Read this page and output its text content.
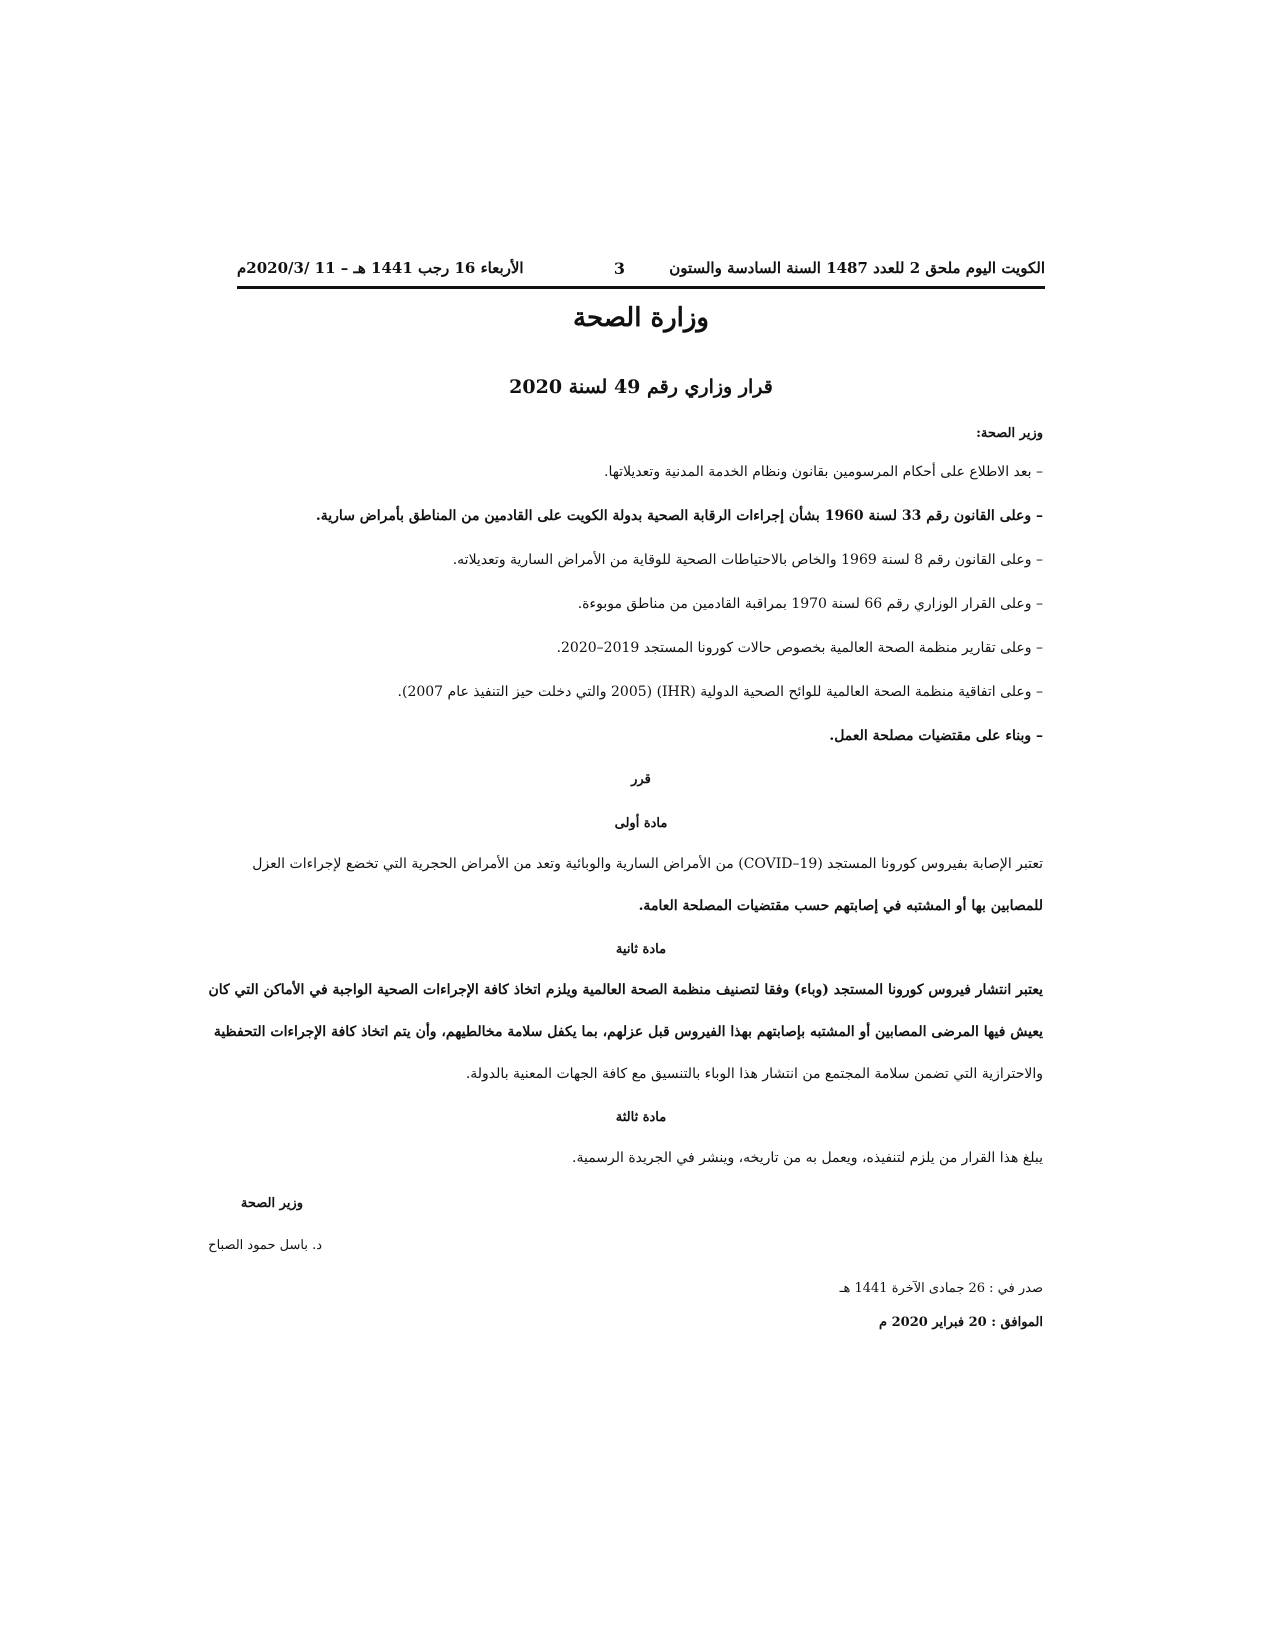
الكويت اليوم ملحق 2 للعدد 1487 السنة السادسة والستون
3
الأربعاء 16 رجب 1441 هـ – 11 /2020/3م
وزارة الصحة
قرار وزاري رقم 49 لسنة 2020
وزير الصحة:
– بعد الاطلاع على أحكام المرسومين بقانون ونظام الخدمة المدنية وتعديلاتها.
– وعلى القانون رقم 33 لسنة 1960 بشأن إجراءات الرقابة الصحية بدولة الكويت على القادمين من المناطق بأمراض سارية.
– وعلى القانون رقم 8 لسنة 1969 والخاص بالاحتياطات الصحية للوقاية من الأمراض السارية وتعديلاته.
– وعلى القرار الوزاري رقم 66 لسنة 1970 بمراقبة القادمين من مناطق موبوءة.
– وعلى تقارير منظمة الصحة العالمية بخصوص حالات كورونا المستجد 2019–2020.
– وعلى اتفاقية منظمة الصحة العالمية للوائح الصحية الدولية (IHR) (2005 والتي دخلت حيز التنفيذ عام 2007).
– وبناء على مقتضيات مصلحة العمل.
قرر
مادة أولى
تعتبر الإصابة بفيروس كورونا المستجد (COVID–19) من الأمراض السارية والوبائية وتعد من الأمراض الحجرية التي تخضع لإجراءات العزل
للمصابين بها أو المشتبه في إصابتهم حسب مقتضيات المصلحة العامة.
مادة ثانية
يعتبر انتشار فيروس كورونا المستجد (وباء) وفقا لتصنيف منظمة الصحة العالمية ويلزم اتخاذ كافة الإجراءات الصحية الواجبة في الأماكن التي كان
يعيش فيها المرضى المصابين أو المشتبه بإصابتهم بهذا الفيروس قبل عزلهم، بما يكفل سلامة مخالطيهم، وأن يتم اتخاذ كافة الإجراءات التحفظية
والاحترازية التي تضمن سلامة المجتمع من انتشار هذا الوباء بالتنسيق مع كافة الجهات المعنية بالدولة.
مادة ثالثة
يبلغ هذا القرار من يلزم لتنفيذه، ويعمل به من تاريخه، وينشر في الجريدة الرسمية.
وزير الصحة
د. باسل حمود الصباح
صدر في : 26 جمادى الآخرة 1441 هـ
الموافق : 20 فبراير 2020 م
